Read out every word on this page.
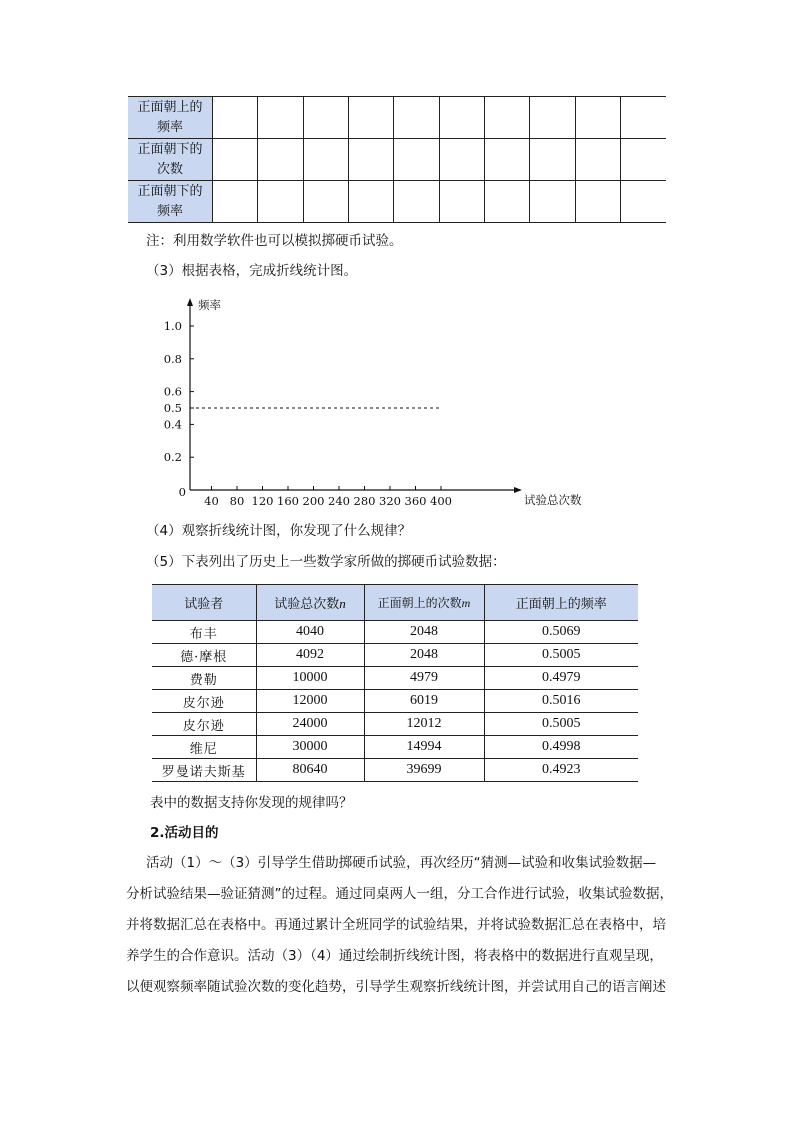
正面朝上的
频率										

正面朝下的
次数										

正面朝下的
频率										

注：利用数学软件也可以模拟掷硬币试验。
（3）根据表格，完成折线统计图。
1.0
0.8
0.6
0.5
0.4
0.2
40 80 120 160 200 240 280 320 360 400
0
频率
试验总次数
（4）观察折线统计图，你发现了什么规律？
（5）下表列出了历史上一些数学家所做的掷硬币试验数据：
试验者	试验总次数n	正面朝上的次数m	正面朝上的频率
布丰	4040	2048	0.5069
德·摩根	4092	2048	0.5005
费勒	10000	4979	0.4979
皮尔逊	12000	6019	0.5016
皮尔逊	24000	12012	0.5005
维尼	30000	14994	0.4998
罗曼诺夫斯基	80640	39699	0.4923
表中的数据支持你发现的规律吗？
2.活动目的
活动（1）～（3）引导学生借助掷硬币试验，再次经历“猜测—试验和收集试验数据—
分析试验结果—验证猜测”的过程。通过同桌两人一组，分工合作进行试验，收集试验数据，
并将数据汇总在表格中。再通过累计全班同学的试验结果，并将试验数据汇总在表格中，培
养学生的合作意识。活动（3）（4）通过绘制折线统计图，将表格中的数据进行直观呈现，
以便观察频率随试验次数的变化趋势，引导学生观察折线统计图，并尝试用自己的语言阐述
